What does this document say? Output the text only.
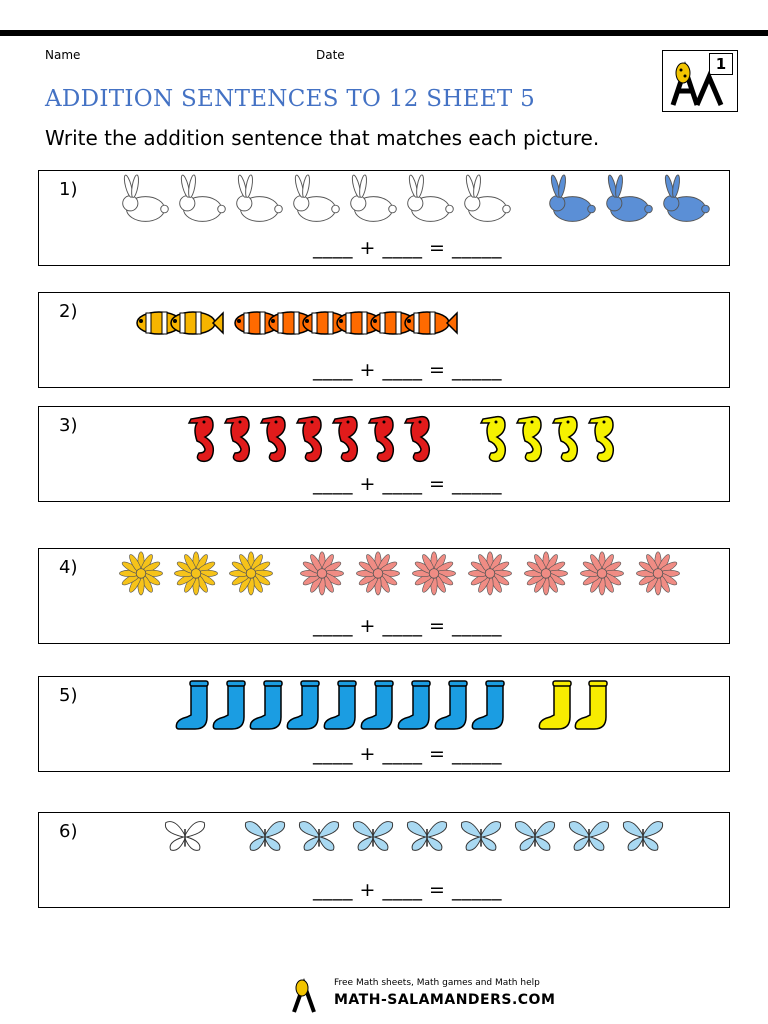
Name	Date
ADDITION SENTENCES TO 12 SHEET 5
Write the addition sentence that matches each picture.
1
1)
____ + ____ = _____
2)
____ + ____ = _____
3)
____ + ____ = _____
4)
____ + ____ = _____
5)
____ + ____ = _____
6)
____ + ____ = _____
Free Math sheets, Math games and Math help
MATH-SALAMANDERS.COM
